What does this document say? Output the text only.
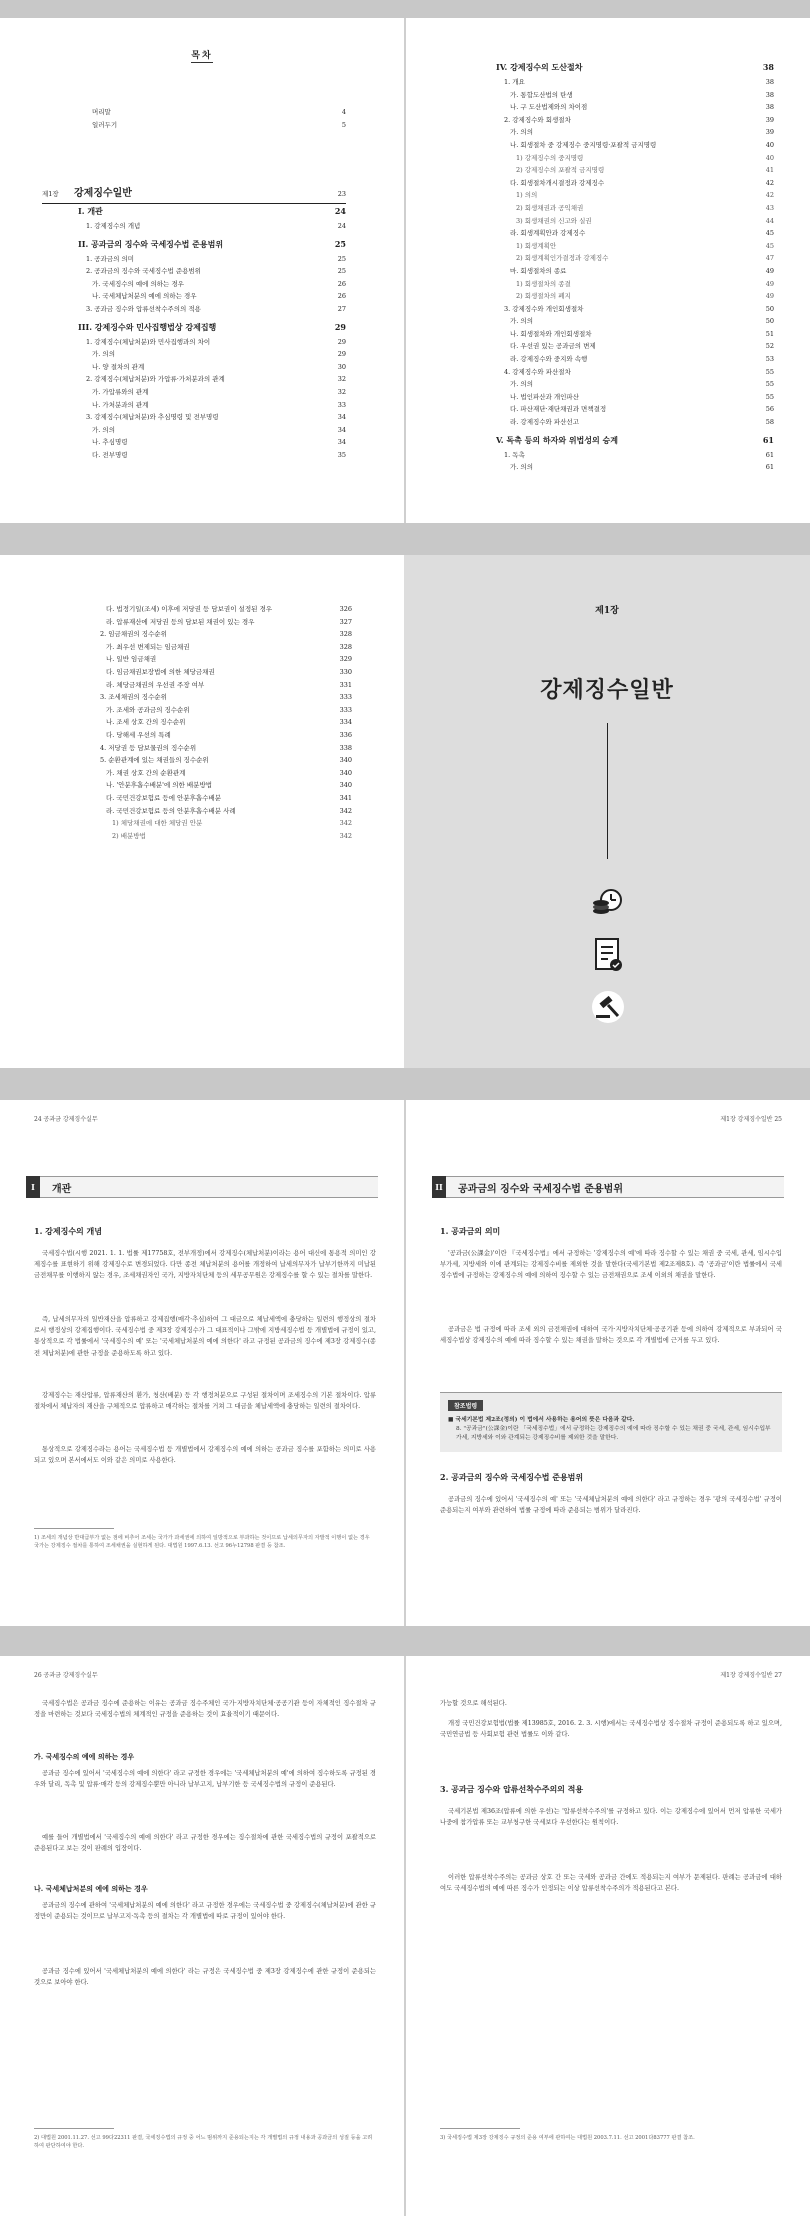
목차
머리말	4
일러두기	5
제1장	강제징수일반	23
I. 개관	24
1. 강제징수의 개념	24
II. 공과금의 징수와 국세징수법 준용범위	25
1. 공과금의 의미	25
2. 공과금의 징수와 국세징수법 준용범위	25
가. 국세징수의 예에 의하는 경우	26
나. 국세체납처분의 예에 의하는 경우	26
3. 공과금 징수와 압류선착수주의의 적용	27
III. 강제징수와 민사집행법상 강제집행	29
1. 강제징수(체납처분)와 민사집행과의 차이	29
가. 의의	29
나. 양 절차의 관계	30
2. 강제징수(체납처분)와 가압류·가처분과의 관계	32
가. 가압류와의 관계	32
나. 가처분과의 관계	33
3. 강제징수(체납처분)와 추심명령 및 전부명령	34
가. 의의	34
나. 추심명령	34
다. 전부명령	35
IV. 강제징수의 도산절차	38
1. 개요	38
가. 통합도산법의 탄생	38
나. 구 도산법제와의 차이점	38
2. 강제징수와 회생절차	39
가. 의의	39
나. 회생절차 중 강제징수 중지명령·포괄적 금지명령	40
1) 강제징수의 중지명령	40
2) 강제징수의 포괄적 금지명령	41
다. 회생절차개시결정과 강제징수	42
1) 의의	42
2) 회생채권과 공익채권	43
3) 회생채권의 신고와 실권	44
라. 회생계획안과 강제징수	45
1) 회생계획안	45
2) 회생계획인가결정과 강제징수	47
마. 회생절차의 종료	49
1) 회생절차의 종결	49
2) 회생절차의 폐지	49
3. 강제징수와 개인회생절차	50
가. 의의	50
나. 회생절차와 개인회생절차	51
다. 우선권 있는 공과금의 변제	52
라. 강제징수와 중지와 속행	53
4. 강제징수와 파산절차	55
가. 의의	55
나. 법인파산과 개인파산	55
다. 파산재단·재단채권과 면책결정	56
라. 강제징수와 파산선고	58
V. 독촉 등의 하자와 위법성의 승계	61
1. 독촉	61
가. 의의	61
다. 법정기일(조세) 이후에 저당권 등 담보권이 설정된 경우	326
라. 압류재산에 저당권 등의 담보된 채권이 있는 경우	327
2. 임금채권의 징수순위	328
가. 최우선 변제되는 임금채권	328
나. 일반 임금채권	329
다. 임금채권보장법에 의한 체당금채권	330
라. 체당금채권의 우선권 주장 여부	331
3. 조세채권의 징수순위	333
가. 조세와 공과금의 징수순위	333
나. 조세 상호 간의 징수순위	334
다. 당해세 우선의 특례	336
4. 저당권 등 담보물권의 징수순위	338
5. 순환관계에 있는 채권들의 징수순위	340
가. 채권 상호 간의 순환관계	340
나. '안분후흡수배분'에 의한 배분방법	340
다. 국민건강보험료 등에 안분후흡수배분	341
라. 국민건강보험료 등의 안분후흡수배분 사례	342
1) 체당채권에 대한 체당권 안분	342
2) 배분방법	342
제1장
강제징수일반
24 공과금 강제징수실무
I	개관
1. 강제징수의 개념
국세징수법(시행 2021. 1. 1. 법률 제17758호, 전부개정)에서 강제징수(체납처분)이라는 용어 대신에 통용적 의미인 강제징수를 표현하기 위해 강제징수로 변경되었다. 다만 종전 체납처분의 용어를 개정하여 납세의무자가 납부기한까지 미납된 금전채무를 이행하지 않는 경우, 조세채권자인 국가, 지방자치단체 등의 세무공무원은 강제징수를 할 수 있는 절차를 말한다.
즉, 납세의무자의 일반재산을 압류하고 강제집행(매각·추심)하여 그 대금으로 체납세액에 충당하는 일련의 행정상의 절차로서 행정상의 강제집행이다. 국세징수법 중 제3장 강제징수가 그 대표적이나 그밖에 지방세징수법 등 개별법에 규정이 있고, 통상적으로 각 법률에서 '국세징수의 예' 또는 '국세체납처분의 예에 의한다' 라고 규정된 공과금의 징수에 제3장 강제징수(종전 체납처분)에 관한 규정을 준용하도록 하고 있다.
강제징수는 재산압류, 압류재산의 환가, 청산(배분) 등 각 행정처분으로 구성된 절차이며 조세징수의 기본 절차이다. 압류절차에서 체납자의 재산을 구체적으로 압류하고 매각하는 절차를 거쳐 그 대금을 체납세액에 충당하는 일련의 절차이다.
통상적으로 강제징수라는 용어는 국세징수법 등 개별법에서 강제징수의 예에 의하는 공과금 징수를 포함하는 의미로 사용되고 있으며 본서에서도 이와 같은 의미로 사용한다.
1) 조세의 개념상 반대급부가 없는 점에 비추어 조세는 국가가 과세권에 의하여 일방적으로 부과하는 것이므로 납세의무자의 자발적 이행이 없는 경우 국가는 강제징수 절차를 통하여 조세채권을 실현하게 된다. 대법원 1997.6.13. 선고 96누12798 판결 등 참조.
제1장 강제징수일반 25
II	공과금의 징수와 국세징수법 준용범위
1. 공과금의 의미
'공과금(公課金)'이란 『국세징수법』에서 규정하는 '강제징수의 예'에 따라 징수할 수 있는 채권 중 국세, 관세, 임시수입부가세, 지방세와 이에 관계되는 강제징수비를 제외한 것을 말한다(국세기본법 제2조제8호). 즉 '공과금'이란 법률에서 국세징수법에 규정하는 강제징수의 예에 의하여 징수할 수 있는 금전채권으로 조세 이외의 채권을 말한다.
공과금은 법 규정에 따라 조세 외의 금전채권에 대하여 국가·지방자치단체·공공기관 등에 의하여 강제적으로 부과되어 국세징수법상 강제징수의 예에 따라 징수할 수 있는 채권을 말하는 것으로 각 개별법에 근거를 두고 있다.
참조법령
■ 국세기본법 제2조(정의) 이 법에서 사용하는 용어의 뜻은 다음과 같다.
8. "공과금"(公課金)이란 「국세징수법」에서 규정하는 강제징수의 예에 따라 징수할 수 있는 채권 중 국세, 관세, 임시수입부가세, 지방세와 이와 관계되는 강제징수비를 제외한 것을 말한다.
2. 공과금의 징수와 국세징수법 준용범위
공과금의 징수에 있어서 '국세징수의 예' 또는 '국세체납처분의 예에 의한다' 라고 규정하는 경우 '광의 국세징수법' 규정이 준용되는지 여부와 관련하여 법률 규정에 따라 준용되는 범위가 달라진다.
26 공과금 강제징수실무
국세징수법은 공과금 징수에 준용하는 이유는 공과금 징수주체인 국가·지방자치단체·공공기관 등이 자체적인 징수절차 규정을 마련하는 것보다 국세징수법의 체계적인 규정을 준용하는 것이 효율적이기 때문이다.
가. 국세징수의 예에 의하는 경우
공과금 징수에 있어서 '국세징수의 예에 의한다' 라고 규정한 경우에는 '국세체납처분의 예'에 의하여 징수하도록 규정된 경우와 달리, 독촉 및 압류·매각 등의 강제징수뿐만 아니라 납부고지, 납부기한 등 국세징수법의 규정이 준용된다.
예를 들어 개별법에서 '국세징수의 예에 의한다' 라고 규정한 경우에는 징수절차에 관한 국세징수법의 규정이 포괄적으로 준용된다고 보는 것이 판례의 입장이다.
나. 국세체납처분의 예에 의하는 경우
공과금의 징수에 관하여 '국세체납처분의 예에 의한다' 라고 규정한 경우에는 국세징수법 중 강제징수(체납처분)에 관한 규정만이 준용되는 것이므로 납부고지·독촉 등의 절차는 각 개별법에 따로 규정이 있어야 한다.
공과금 징수에 있어서 '국세체납처분의 예에 의한다' 라는 규정은 국세징수법 중 제3장 강제징수에 관한 규정이 준용되는 것으로 보아야 한다.
2) 대법원 2001.11.27. 선고 99다22311 판결, 국세징수법의 규정 중 어느 범위까지 준용되는지는 각 개별법의 규정 내용과 공과금의 성질 등을 고려하여 판단하여야 한다.
제1장 강제징수일반 27
가능할 것으로 해석된다.
개정 국민건강보험법(법률 제13985호, 2016. 2. 3. 시행)에서는 국세징수법상 징수절차 규정이 준용되도록 하고 있으며, 국민연금법 등 사회보험 관련 법률도 이와 같다.
3. 공과금 징수와 압류선착수주의의 적용
국세기본법 제36조(압류에 의한 우선)는 '압류선착수주의'를 규정하고 있다. 이는 강제징수에 있어서 먼저 압류한 국세가 나중에 참가압류 또는 교부청구한 국세보다 우선한다는 원칙이다.
이러한 압류선착수주의는 공과금 상호 간 또는 국세와 공과금 간에도 적용되는지 여부가 문제된다. 판례는 공과금에 대하여도 국세징수법의 예에 따른 징수가 인정되는 이상 압류선착수주의가 적용된다고 본다.
3) 국세징수법 제3장 강제징수 규정의 준용 여부에 관하여는 대법원 2003.7.11. 선고 2001다83777 판결 참조.
